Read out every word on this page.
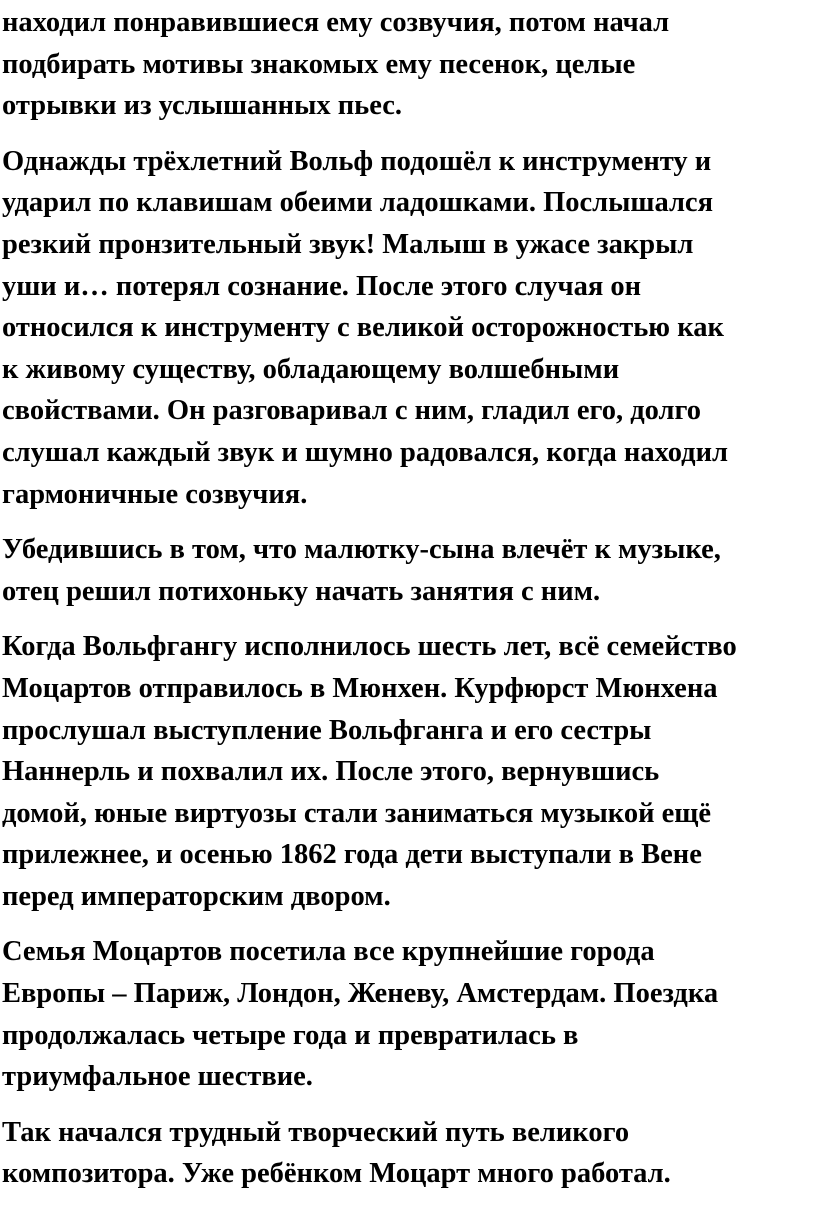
находил понравившиеся ему созвучия, потом начал
подбирать мотивы знакомых ему песенок, целые
отрывки из услышанных пьес.

Однажды трёхлетний Вольф подошёл к инструменту и
ударил по клавишам обеими ладошками. Послышался
резкий пронзительный звук! Малыш в ужасе закрыл
уши и… потерял сознание. После этого случая он
относился к инструменту с великой осторожностью как
к живому существу, обладающему волшебными
свойствами. Он разговаривал с ним, гладил его, долго
слушал каждый звук и шумно радовался, когда находил
гармоничные созвучия.

Убедившись в том, что малютку-сына влечёт к музыке,
отец решил потихоньку начать занятия с ним.

Когда Вольфгангу исполнилось шесть лет, всё семейство
Моцартов отправилось в Мюнхен. Курфюрст Мюнхена
прослушал выступление Вольфганга и его сестры
Наннерль и похвалил их. После этого, вернувшись
домой, юные виртуозы стали заниматься музыкой ещё
прилежнее, и осенью 1862 года дети выступали в Вене
перед императорским двором.

Семья Моцартов посетила все крупнейшие города
Европы – Париж, Лондон, Женеву, Амстердам. Поездка
продолжалась четыре года и превратилась в
триумфальное шествие.

Так начался трудный творческий путь великого
композитора. Уже ребёнком Моцарт много работал.
